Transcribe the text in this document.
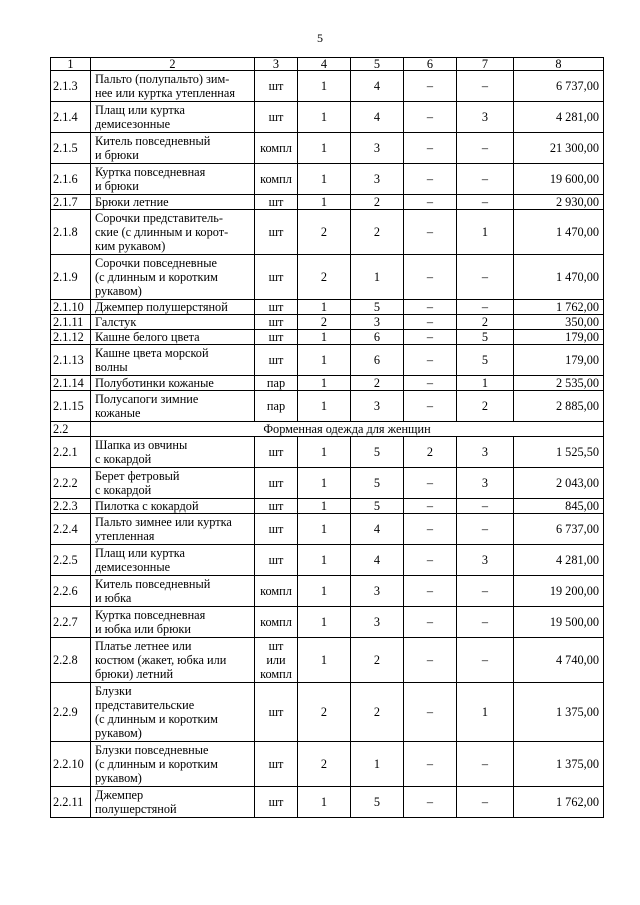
5
1	2	3	4	5	6	7	8
2.1.3	Пальто (полупальто) зим-
нее или куртка утепленная	шт	1	4	–	–	6 737,00
2.1.4	Плащ или куртка
демисезонные	шт	1	4	–	3	4 281,00
2.1.5	Китель повседневный
и брюки	компл	1	3	–	–	21 300,00
2.1.6	Куртка повседневная
и брюки	компл	1	3	–	–	19 600,00
2.1.7	Брюки летние	шт	1	2	–	–	2 930,00
2.1.8	Сорочки представитель-
ские (с длинным и корот-
ким рукавом)	шт	2	2	–	1	1 470,00
2.1.9	Сорочки повседневные
(с длинным и коротким
рукавом)	шт	2	1	–	–	1 470,00
2.1.10	Джемпер полушерстяной	шт	1	5	–	–	1 762,00
2.1.11	Галстук	шт	2	3	–	2	350,00
2.1.12	Кашне белого цвета	шт	1	6	–	5	179,00
2.1.13	Кашне цвета морской
волны	шт	1	6	–	5	179,00
2.1.14	Полуботинки кожаные	пар	1	2	–	1	2 535,00
2.1.15	Полусапоги зимние
кожаные	пар	1	3	–	2	2 885,00
2.2	Форменная одежда для женщин						
2.2.1	Шапка из овчины
с кокардой	шт	1	5	2	3	1 525,50
2.2.2	Берет фетровый
с кокардой	шт	1	5	–	3	2 043,00
2.2.3	Пилотка с кокардой	шт	1	5	–	–	845,00
2.2.4	Пальто зимнее или куртка
утепленная	шт	1	4	–	–	6 737,00
2.2.5	Плащ или куртка
демисезонные	шт	1	4	–	3	4 281,00
2.2.6	Китель повседневный
и юбка	компл	1	3	–	–	19 200,00
2.2.7	Куртка повседневная
и юбка или брюки	компл	1	3	–	–	19 500,00
2.2.8	Платье летнее или
костюм (жакет, юбка или
брюки) летний	шт или компл	1	2	–	–	4 740,00
2.2.9	Блузки
представительские
(с длинным и коротким
рукавом)	шт	2	2	–	1	1 375,00
2.2.10	Блузки повседневные
(с длинным и коротким
рукавом)	шт	2	1	–	–	1 375,00
2.2.11	Джемпер
полушерстяной	шт	1	5	–	–	1 762,00
